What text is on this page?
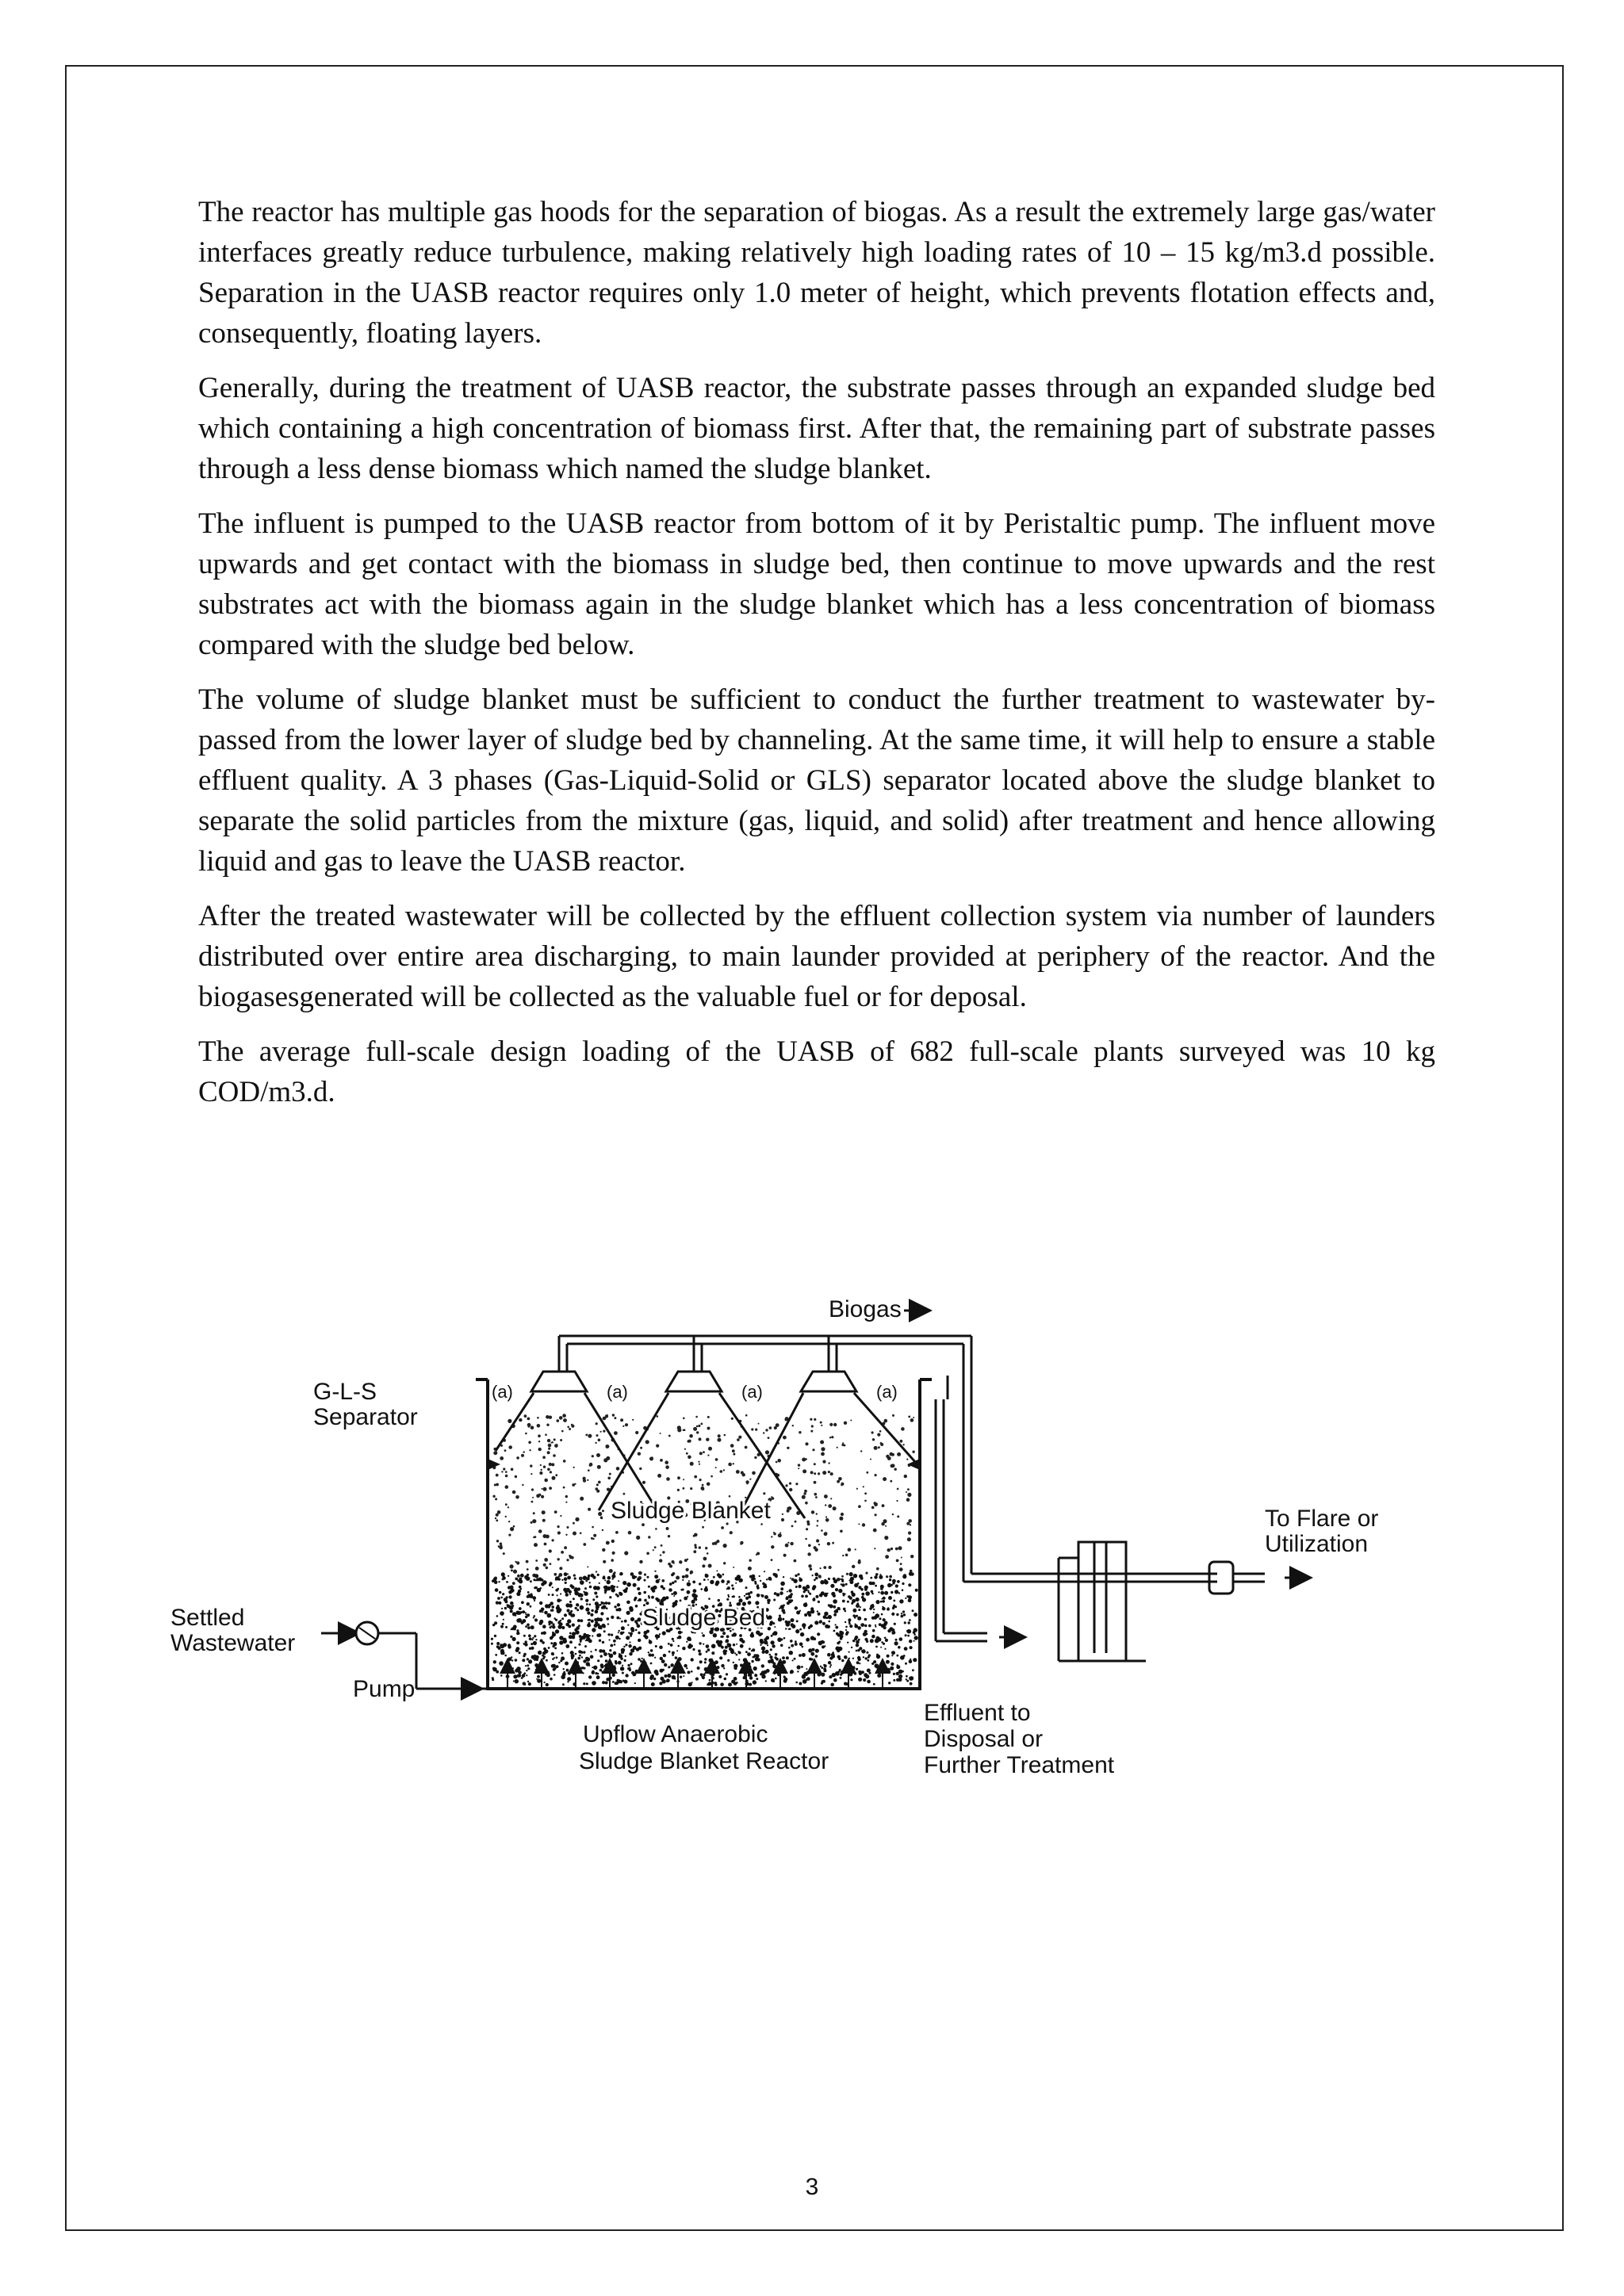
The reactor has multiple gas hoods for the separation of biogas. As a result the extremely large gas/water interfaces greatly reduce turbulence, making relatively high loading rates of 10 – 15 kg/m3.d possible. Separation in the UASB reactor requires only 1.0 meter of height, which prevents flotation effects and, consequently, floating layers.

Generally, during the treatment of UASB reactor, the substrate passes through an expanded sludge bed which containing a high concentration of biomass first. After that, the remaining part of substrate passes through a less dense biomass which named the sludge blanket.

The influent is pumped to the UASB reactor from bottom of it by Peristaltic pump. The influent move upwards and get contact with the biomass in sludge bed, then continue to move upwards and the rest substrates act with the biomass again in the sludge blanket which has a less concentration of biomass compared with the sludge bed below.

The volume of sludge blanket must be sufficient to conduct the further treatment to wastewater by-passed from the lower layer of sludge bed by channeling. At the same time, it will help to ensure a stable effluent quality. A 3 phases (Gas-Liquid-Solid or GLS) separator located above the sludge blanket to separate the solid particles from the mixture (gas, liquid, and solid) after treatment and hence allowing liquid and gas to leave the UASB reactor.

After the treated wastewater will be collected by the effluent collection system via number of launders distributed over entire area discharging, to main launder provided at periphery of the reactor. And the biogasesgenerated will be collected as the valuable fuel or for deposal.

The average full-scale design loading of the UASB of 682 full-scale plants surveyed was 10 kg COD/m3.d.

Biogas
G-L-S
Separator
Sludge Blanket
Sludge Bed
Settled
Wastewater
Pump
Upflow Anaerobic
Sludge Blanket Reactor
Effluent to
Disposal or
Further Treatment
To Flare or
Utilization
(a)	(a)	(a)	(a)
3
